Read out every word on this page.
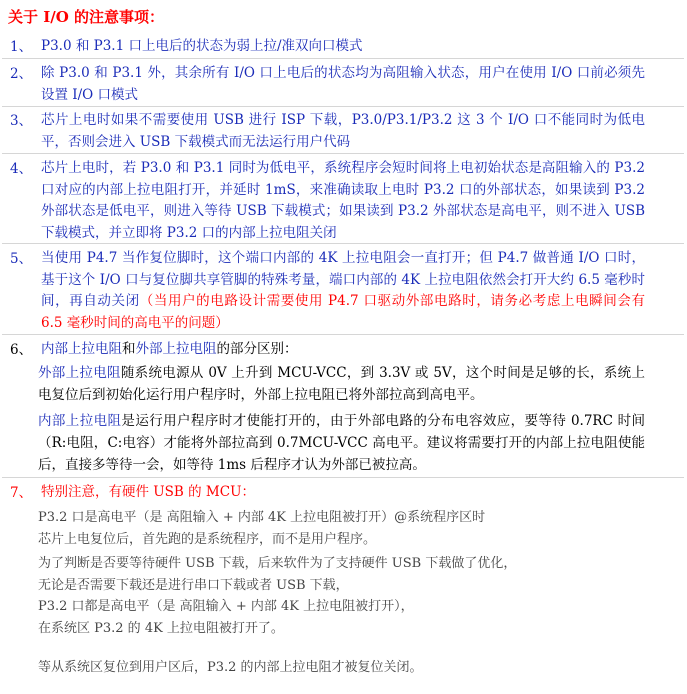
关于 I/O 的注意事项：
1、 P3.0 和 P3.1 口上电后的状态为弱上拉/准双向口模式
2、 除 P3.0 和 P3.1 外，其余所有 I/O 口上电后的状态均为高阻输入状态，用户在使用 I/O 口前必须先设置 I/O 口模式
3、 芯片上电时如果不需要使用 USB 进行 ISP 下载，P3.0/P3.1/P3.2 这 3 个 I/O 口不能同时为低电平，否则会进入 USB 下载模式而无法运行用户代码
4、 芯片上电时，若 P3.0 和 P3.1 同时为低电平，系统程序会短时间将上电初始状态是高阻输入的 P3.2 口对应的内部上拉电阻打开，并延时 1mS，来准确读取上电时 P3.2 口的外部状态，如果读到 P3.2 外部状态是低电平，则进入等待 USB 下载模式；如果读到 P3.2 外部状态是高电平，则不进入 USB 下载模式，并立即将 P3.2 口的内部上拉电阻关闭
5、 当使用 P4.7 当作复位脚时，这个端口内部的 4K 上拉电阻会一直打开；但 P4.7 做普通 I/O 口时，基于这个 I/O 口与复位脚共享管脚的特殊考量，端口内部的 4K 上拉电阻依然会打开大约 6.5 毫秒时间，再自动关闭（当用户的电路设计需要使用 P4.7 口驱动外部电路时，请务必考虑上电瞬间会有 6.5 毫秒时间的高电平的问题）
6、 内部上拉电阻和外部上拉电阻的部分区别：
外部上拉电阻随系统电源从 0V 上升到 MCU-VCC，到 3.3V 或 5V，这个时间是足够的长，系统上电复位后到初始化运行用户程序时，外部上拉电阻已将外部拉高到高电平。
内部上拉电阻是运行用户程序时才使能打开的，由于外部电路的分布电容效应，要等待 0.7RC 时间（R:电阻，C:电容）才能将外部拉高到 0.7MCU-VCC 高电平。建议将需要打开的内部上拉电阻使能后，直接多等待一会，如等待 1ms 后程序才认为外部已被拉高。
7、 特别注意，有硬件 USB 的 MCU：
P3.2 口是高电平（是 高阻输入 + 内部 4K 上拉电阻被打开）@系统程序区时
芯片上电复位后，首先跑的是系统程序，而不是用户程序。
为了判断是否要等待硬件 USB 下载，后来软件为了支持硬件 USB 下载做了优化，
无论是否需要下载还是进行串口下载或者 USB 下载，
P3.2 口都是高电平（是 高阻输入 + 内部 4K 上拉电阻被打开），
在系统区 P3.2 的 4K 上拉电阻被打开了。
等从系统区复位到用户区后，P3.2 的内部上拉电阻才被复位关闭。
